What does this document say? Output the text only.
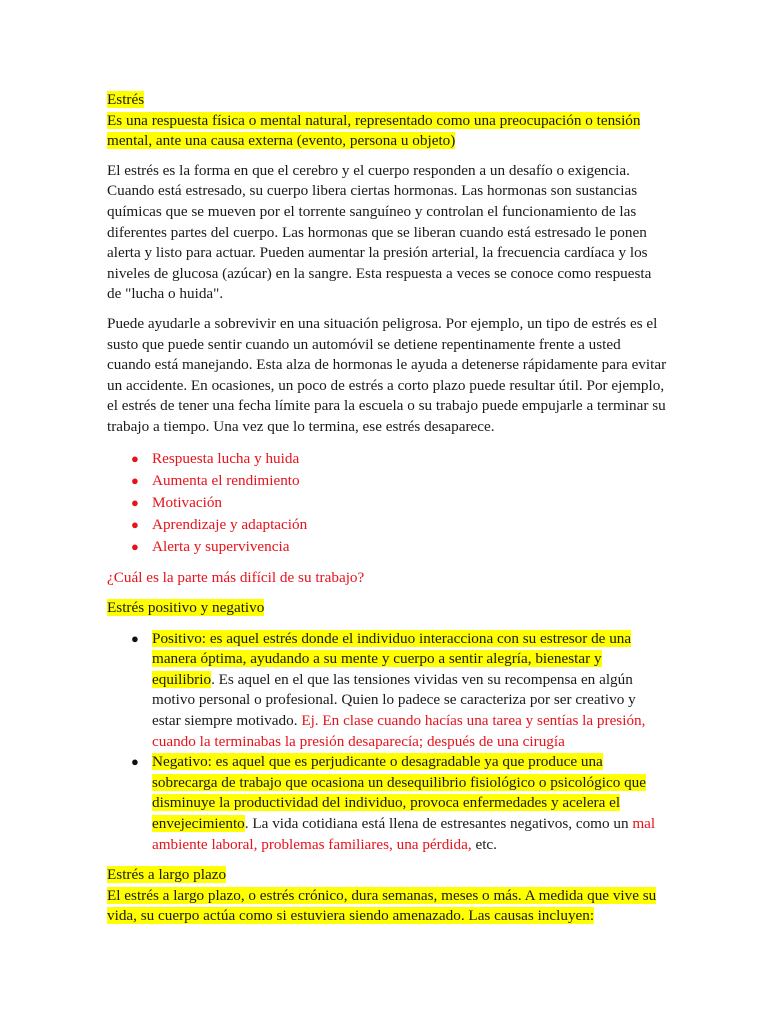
Estrés

Es una respuesta física o mental natural, representado como una preocupación o tensión mental, ante una causa externa (evento, persona u objeto)

El estrés es la forma en que el cerebro y el cuerpo responden a un desafío o exigencia. Cuando está estresado, su cuerpo libera ciertas hormonas. Las hormonas son sustancias químicas que se mueven por el torrente sanguíneo y controlan el funcionamiento de las diferentes partes del cuerpo. Las hormonas que se liberan cuando está estresado le ponen alerta y listo para actuar. Pueden aumentar la presión arterial, la frecuencia cardíaca y los niveles de glucosa (azúcar) en la sangre. Esta respuesta a veces se conoce como respuesta de "lucha o huida".

Puede ayudarle a sobrevivir en una situación peligrosa. Por ejemplo, un tipo de estrés es el susto que puede sentir cuando un automóvil se detiene repentinamente frente a usted cuando está manejando. Esta alza de hormonas le ayuda a detenerse rápidamente para evitar un accidente. En ocasiones, un poco de estrés a corto plazo puede resultar útil. Por ejemplo, el estrés de tener una fecha límite para la escuela o su trabajo puede empujarle a terminar su trabajo a tiempo. Una vez que lo termina, ese estrés desaparece.

● Respuesta lucha y huida
● Aumenta el rendimiento
● Motivación
● Aprendizaje y adaptación
● Alerta y supervivencia

¿Cuál es la parte más difícil de su trabajo?

Estrés positivo y negativo

● Positivo: es aquel estrés donde el individuo interacciona con su estresor de una manera óptima, ayudando a su mente y cuerpo a sentir alegría, bienestar y equilibrio. Es aquel en el que las tensiones vividas ven su recompensa en algún motivo personal o profesional. Quien lo padece se caracteriza por ser creativo y estar siempre motivado. Ej. En clase cuando hacías una tarea y sentías la presión, cuando la terminabas la presión desaparecía; después de una cirugía
● Negativo: es aquel que es perjudicante o desagradable ya que produce una sobrecarga de trabajo que ocasiona un desequilibrio fisiológico o psicológico que disminuye la productividad del individuo, provoca enfermedades y acelera el envejecimiento. La vida cotidiana está llena de estresantes negativos, como un mal ambiente laboral, problemas familiares, una pérdida, etc.

Estrés a largo plazo

El estrés a largo plazo, o estrés crónico, dura semanas, meses o más. A medida que vive su vida, su cuerpo actúa como si estuviera siendo amenazado. Las causas incluyen:
